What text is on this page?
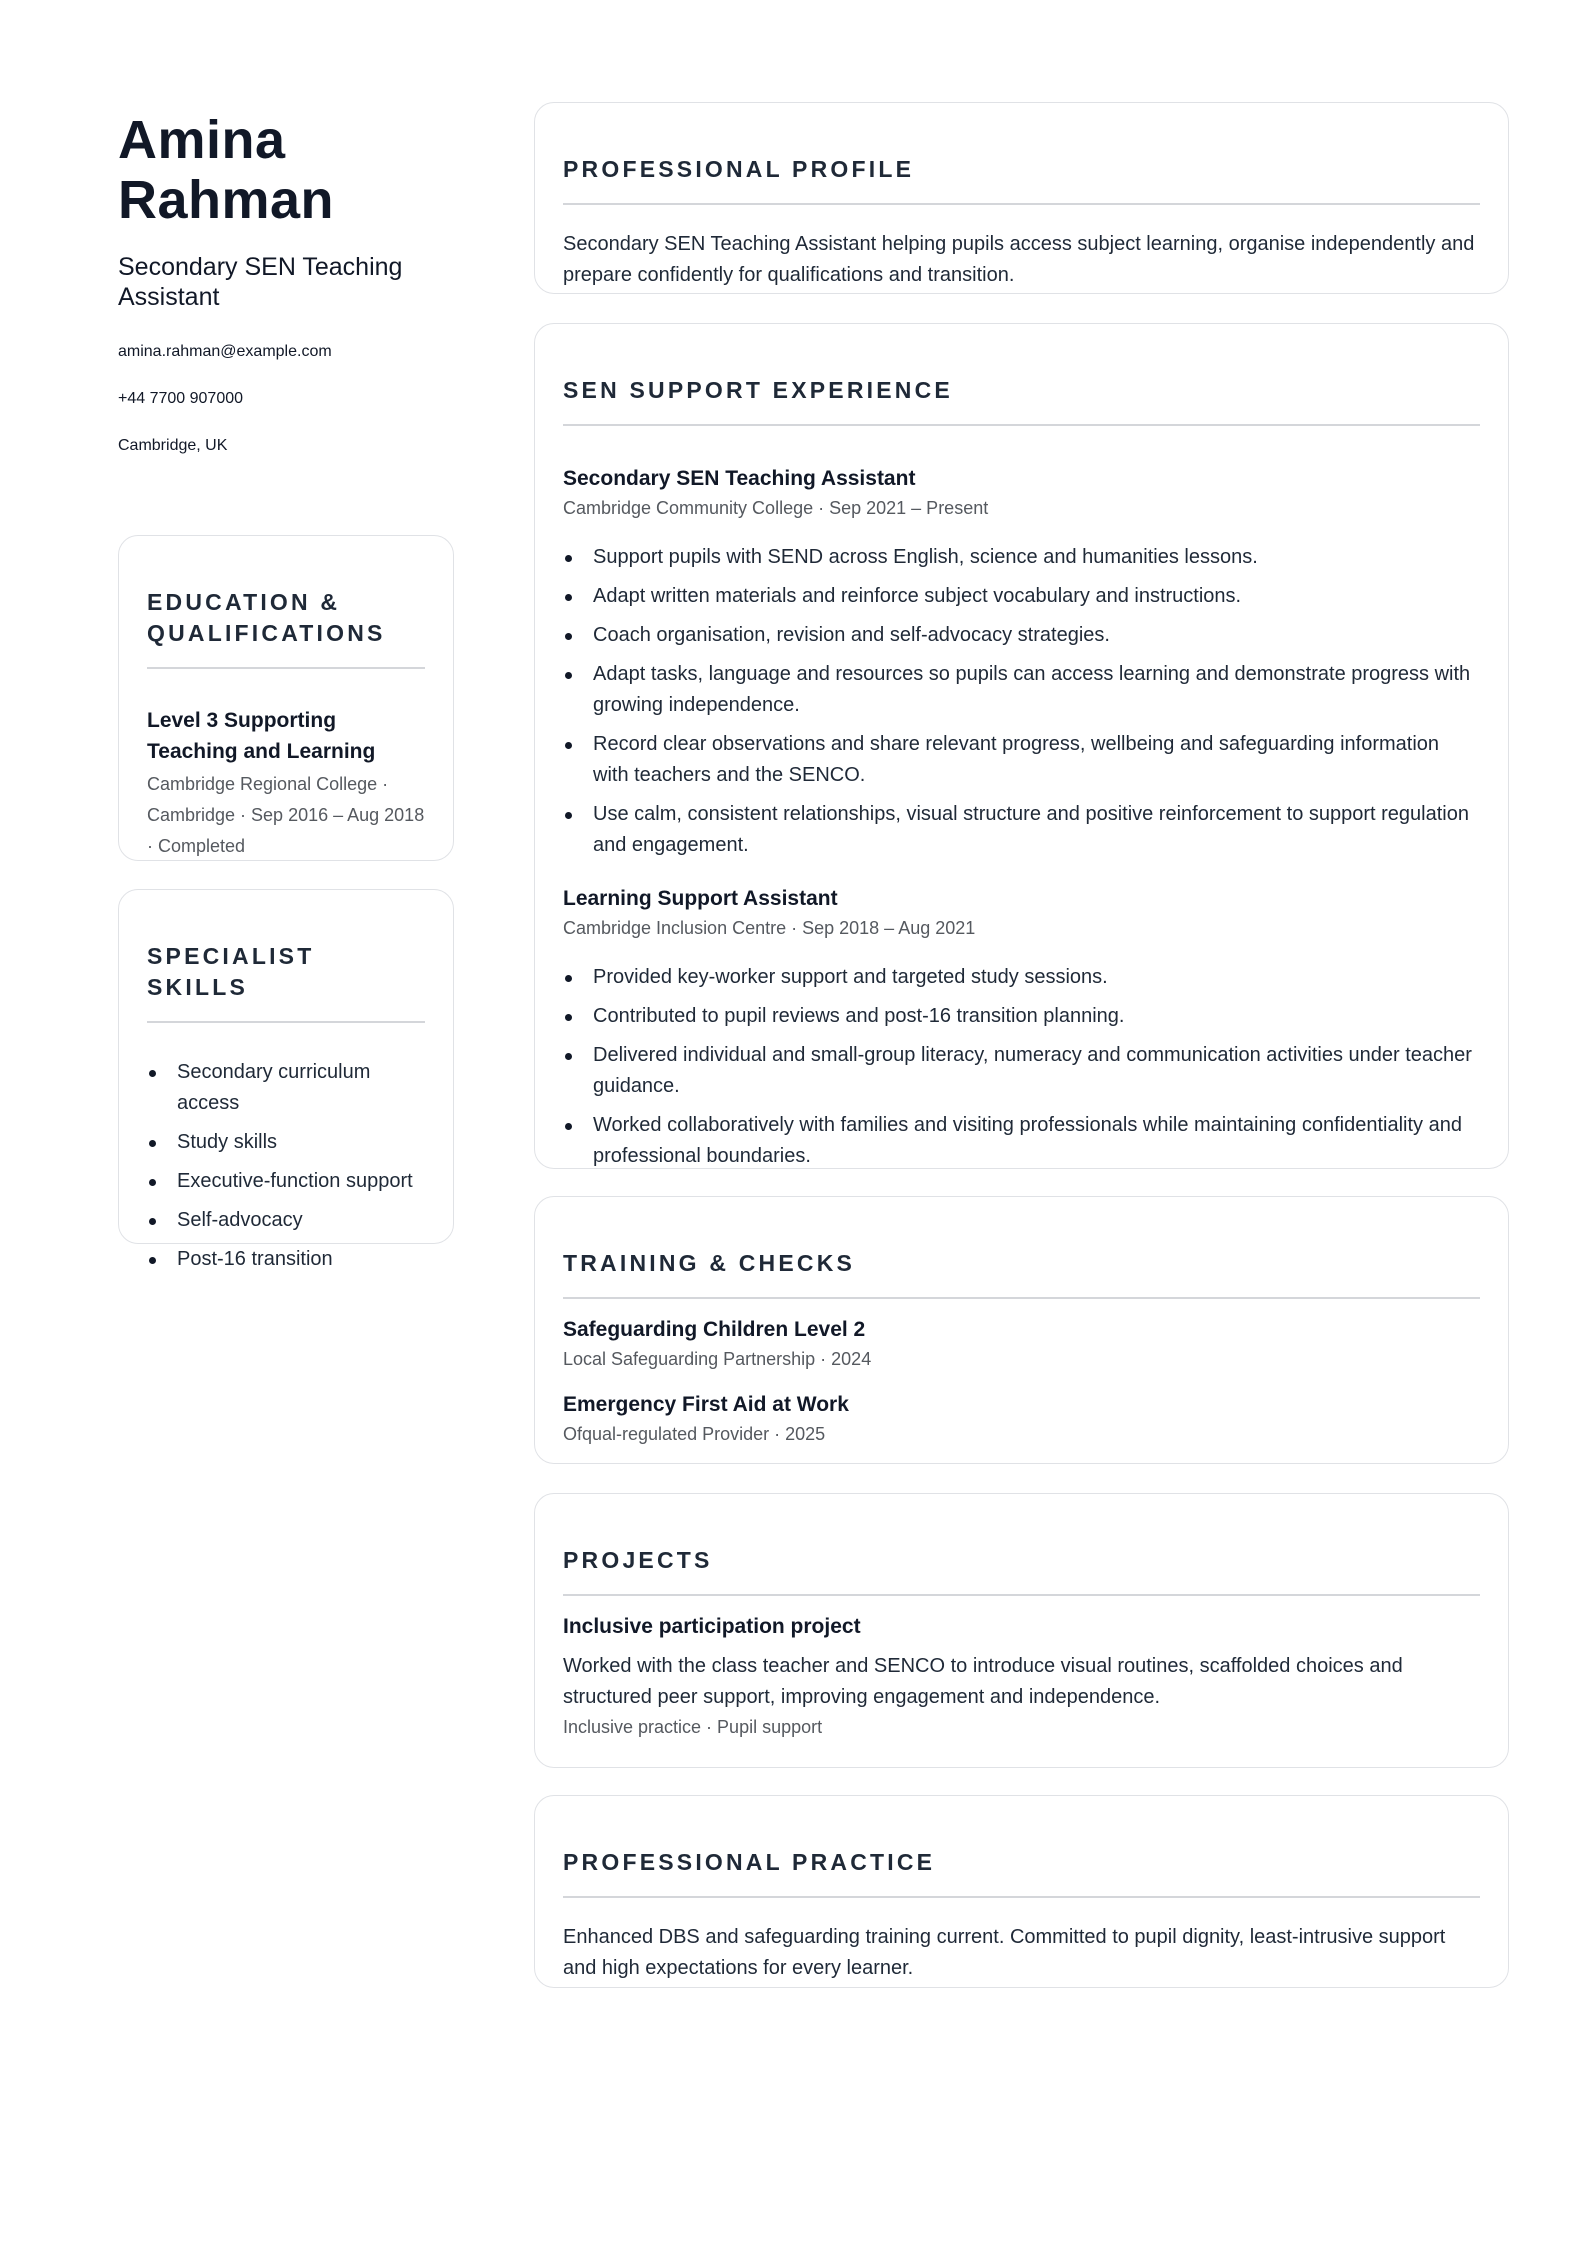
Amina
Rahman
Secondary SEN Teaching Assistant
amina.rahman@example.com
+44 7700 907000
Cambridge, UK
EDUCATION & QUALIFICATIONS
Level 3 Supporting Teaching and Learning
Cambridge Regional College · Cambridge · Sep 2016 – Aug 2018 · Completed
SPECIALIST SKILLS
Secondary curriculum access
Study skills
Executive-function support
Self-advocacy
Post-16 transition
PROFESSIONAL PROFILE
Secondary SEN Teaching Assistant helping pupils access subject learning, organise independently and prepare confidently for qualifications and transition.
SEN SUPPORT EXPERIENCE
Secondary SEN Teaching Assistant
Cambridge Community College · Sep 2021 – Present
Support pupils with SEND across English, science and humanities lessons.
Adapt written materials and reinforce subject vocabulary and instructions.
Coach organisation, revision and self-advocacy strategies.
Adapt tasks, language and resources so pupils can access learning and demonstrate progress with growing independence.
Record clear observations and share relevant progress, wellbeing and safeguarding information with teachers and the SENCO.
Use calm, consistent relationships, visual structure and positive reinforcement to support regulation and engagement.
Learning Support Assistant
Cambridge Inclusion Centre · Sep 2018 – Aug 2021
Provided key-worker support and targeted study sessions.
Contributed to pupil reviews and post-16 transition planning.
Delivered individual and small-group literacy, numeracy and communication activities under teacher guidance.
Worked collaboratively with families and visiting professionals while maintaining confidentiality and professional boundaries.
TRAINING & CHECKS
Safeguarding Children Level 2
Local Safeguarding Partnership · 2024
Emergency First Aid at Work
Ofqual-regulated Provider · 2025
PROJECTS
Inclusive participation project
Worked with the class teacher and SENCO to introduce visual routines, scaffolded choices and structured peer support, improving engagement and independence.
Inclusive practice · Pupil support
PROFESSIONAL PRACTICE
Enhanced DBS and safeguarding training current. Committed to pupil dignity, least-intrusive support and high expectations for every learner.
